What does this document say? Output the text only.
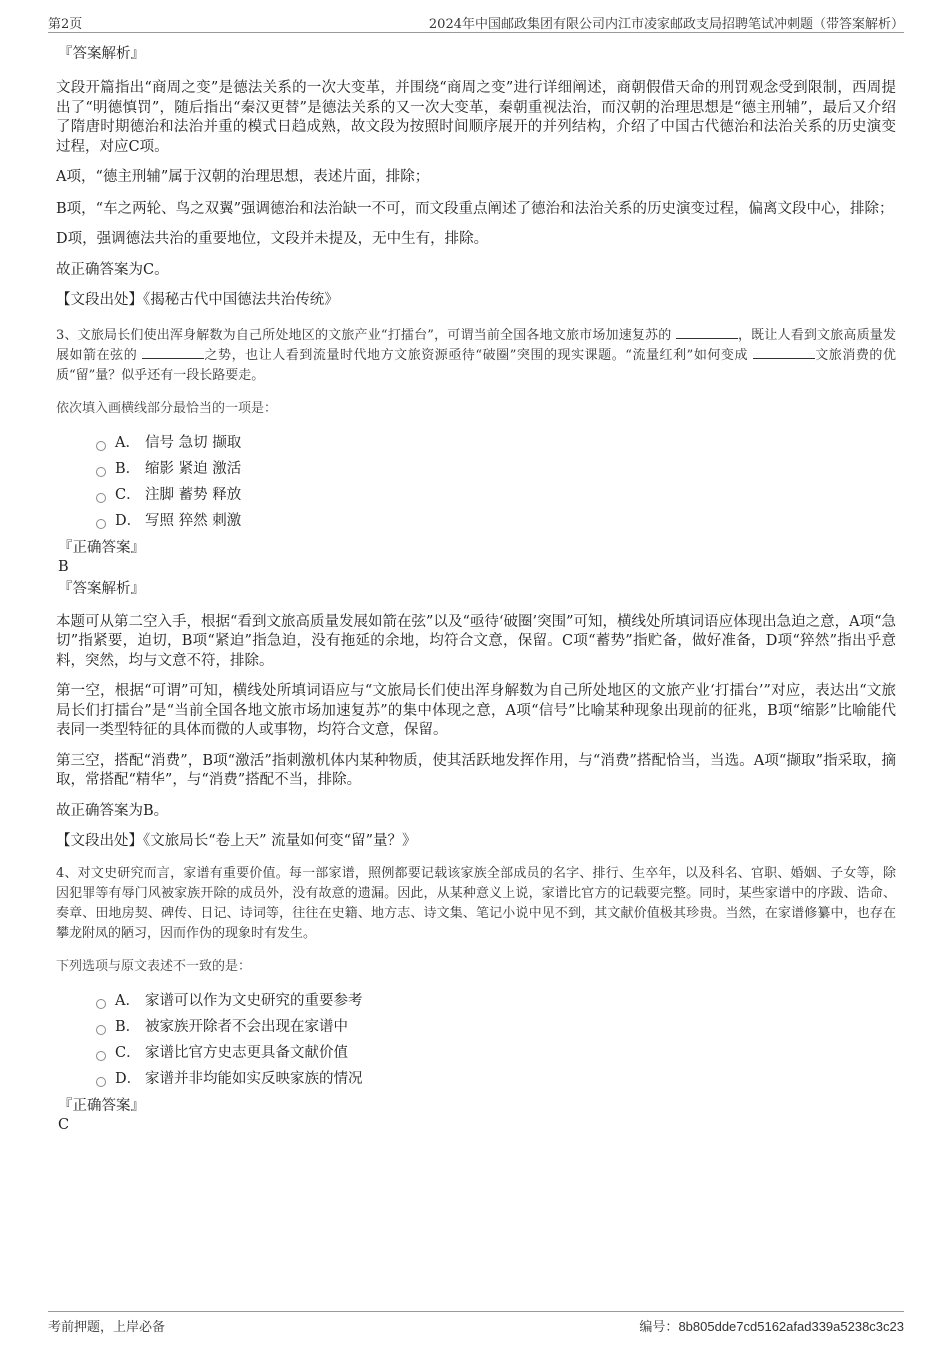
第2页	2024年中国邮政集团有限公司内江市凌家邮政支局招聘笔试冲刺题（带答案解析）
『答案解析』

文段开篇指出“商周之变”是德法关系的一次大变革，并围绕“商周之变”进行详细阐述，商朝假借天命的刑罚观念受到限制，西周提出了“明德慎罚”，随后指出“秦汉更替”是德法关系的又一次大变革，秦朝重视法治，而汉朝的治理思想是“德主刑辅”，最后又介绍了隋唐时期德治和法治并重的模式日趋成熟，故文段为按照时间顺序展开的并列结构，介绍了中国古代德治和法治关系的历史演变过程，对应C项。

A项，“德主刑辅”属于汉朝的治理思想，表述片面，排除；

B项，“车之两轮、鸟之双翼”强调德治和法治缺一不可，而文段重点阐述了德治和法治关系的历史演变过程，偏离文段中心，排除；

D项，强调德法共治的重要地位，文段并未提及，无中生有，排除。

故正确答案为C。

【文段出处】《揭秘古代中国德法共治传统》

3、文旅局长们使出浑身解数为自己所处地区的文旅产业“打擂台”，可谓当前全国各地文旅市场加速复苏的	，既让人看到文旅高质量发展如箭在弦的	之势，也让人看到流量时代地方文旅资源亟待“破圈”突围的现实课题。“流量红利”如何变成	文旅消费的优质“留”量？似乎还有一段长路要走。

依次填入画横线部分最恰当的一项是：
A． 信号 急切 撷取
B． 缩影 紧迫 激活
C． 注脚 蓄势 释放
D． 写照 猝然 刺激
『正确答案』
B
『答案解析』

本题可从第二空入手，根据“看到文旅高质量发展如箭在弦”以及“亟待‘破圈’突围”可知，横线处所填词语应体现出急迫之意，A项“急切”指紧要，迫切，B项“紧迫”指急迫，没有拖延的余地，均符合文意，保留。C项“蓄势”指贮备，做好准备，D项“猝然”指出乎意料，突然，均与文意不符，排除。

第一空，根据“可谓”可知，横线处所填词语应与“文旅局长们使出浑身解数为自己所处地区的文旅产业‘打擂台’”对应，表达出“文旅局长们打擂台”是“当前全国各地文旅市场加速复苏”的集中体现之意，A项“信号”比喻某种现象出现前的征兆，B项“缩影”比喻能代表同一类型特征的具体而微的人或事物，均符合文意，保留。

第三空，搭配“消费”，B项“激活”指刺激机体内某种物质，使其活跃地发挥作用，与“消费”搭配恰当，当选。A项“撷取”指采取，摘取，常搭配“精华”，与“消费”搭配不当，排除。

故正确答案为B。

【文段出处】《文旅局长“卷上天” 流量如何变“留”量？》

4、对文史研究而言，家谱有重要价值。每一部家谱，照例都要记载该家族全部成员的名字、排行、生卒年，以及科名、官职、婚姻、子女等，除因犯罪等有辱门风被家族开除的成员外，没有故意的遗漏。因此，从某种意义上说，家谱比官方的记载要完整。同时，某些家谱中的序跋、诰命、奏章、田地房契、碑传、日记、诗词等，往往在史籍、地方志、诗文集、笔记小说中见不到，其文献价值极其珍贵。当然，在家谱修纂中，也存在攀龙附凤的陋习，因而作伪的现象时有发生。

下列选项与原文表述不一致的是：
A． 家谱可以作为文史研究的重要参考
B． 被家族开除者不会出现在家谱中
C． 家谱比官方史志更具备文献价值
D． 家谱并非均能如实反映家族的情况
『正确答案』
C
考前押题，上岸必备	编号：8b805dde7cd5162afad339a5238c3c23
